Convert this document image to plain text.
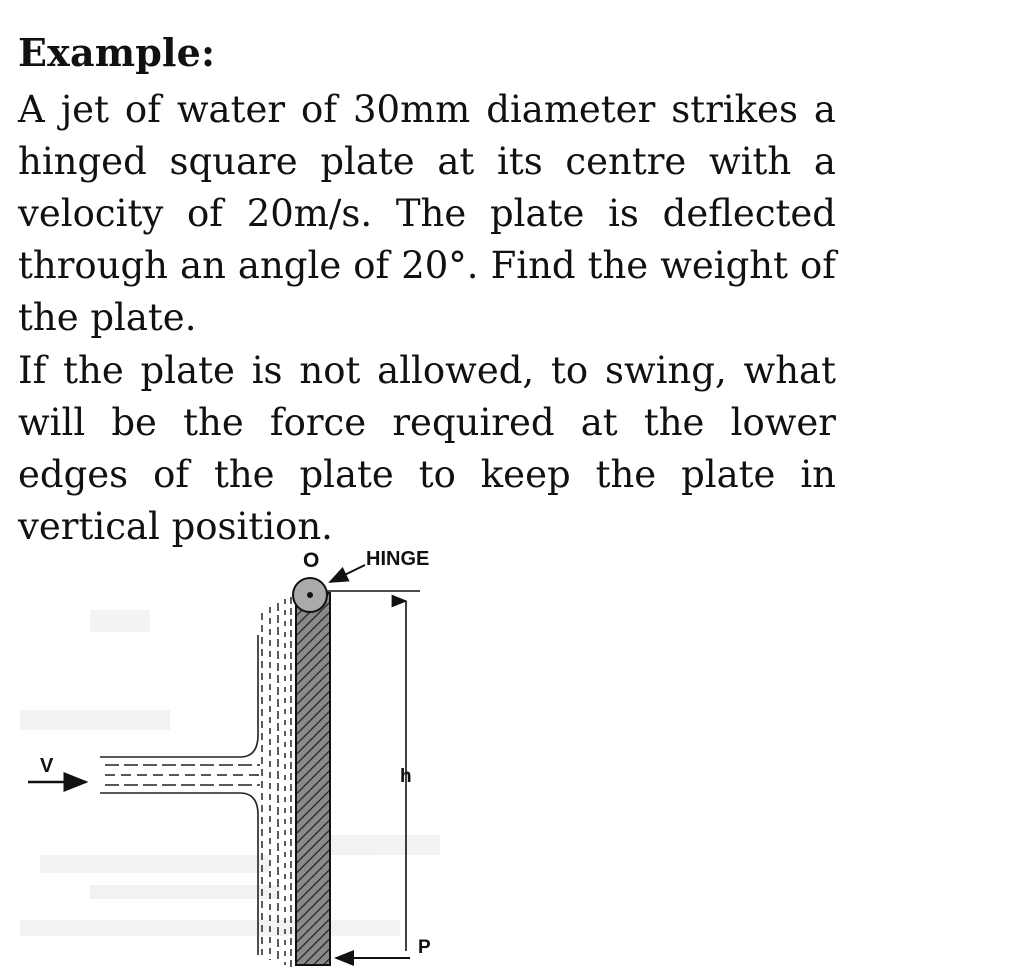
Example:

A jet of water of 30mm diameter strikes a hinged square plate at its centre with a velocity of 20m/s. The plate is deflected through an angle of 20°. Find the weight of the plate.

If the plate is not allowed, to swing, what will be the force required at the lower edges of the plate to keep the plate in vertical position.

V
O HINGE
h
P
